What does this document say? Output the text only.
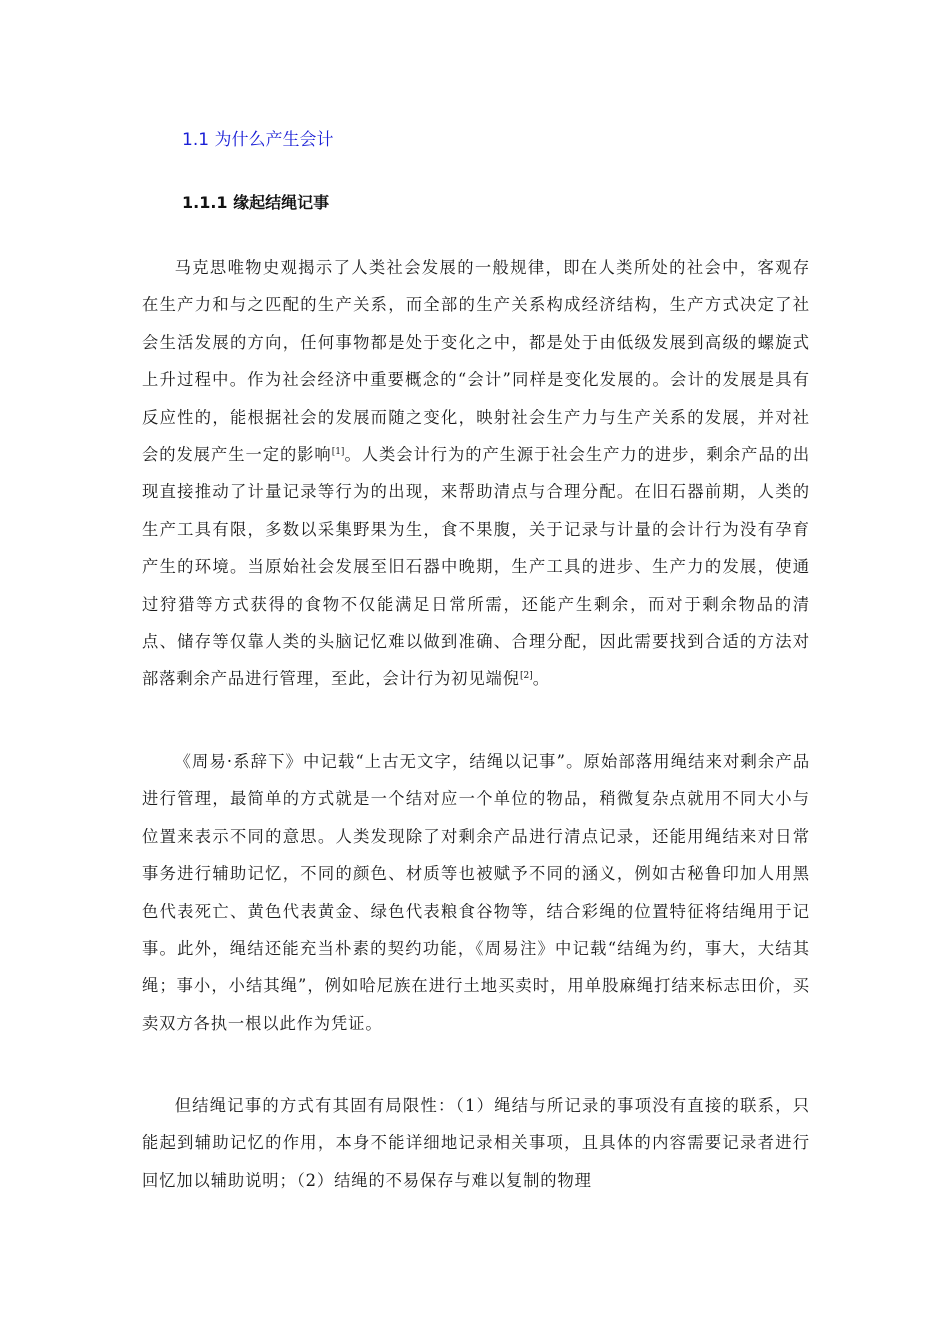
1.1 为什么产生会计
1.1.1 缘起结绳记事

马克思唯物史观揭示了人类社会发展的一般规律，即在人类所处的社会中，客观存在生产力和与之匹配的生产关系，而全部的生产关系构成经济结构，生产方式决定了社会生活发展的方向，任何事物都是处于变化之中，都是处于由低级发展到高级的螺旋式上升过程中。作为社会经济中重要概念的“会计”同样是变化发展的。会计的发展是具有反应性的，能根据社会的发展而随之变化，映射社会生产力与生产关系的发展，并对社会的发展产生一定的影响[1]。人类会计行为的产生源于社会生产力的进步，剩余产品的出现直接推动了计量记录等行为的出现，来帮助清点与合理分配。在旧石器前期，人类的生产工具有限，多数以采集野果为生，食不果腹，关于记录与计量的会计行为没有孕育产生的环境。当原始社会发展至旧石器中晚期，生产工具的进步、生产力的发展，使通过狩猎等方式获得的食物不仅能满足日常所需，还能产生剩余，而对于剩余物品的清点、储存等仅靠人类的头脑记忆难以做到准确、合理分配，因此需要找到合适的方法对部落剩余产品进行管理，至此，会计行为初见端倪[2]。

《周易·系辞下》中记载“上古无文字，结绳以记事”。原始部落用绳结来对剩余产品进行管理，最简单的方式就是一个结对应一个单位的物品，稍微复杂点就用不同大小与位置来表示不同的意思。人类发现除了对剩余产品进行清点记录，还能用绳结来对日常事务进行辅助记忆，不同的颜色、材质等也被赋予不同的涵义，例如古秘鲁印加人用黑色代表死亡、黄色代表黄金、绿色代表粮食谷物等，结合彩绳的位置特征将结绳用于记事。此外，绳结还能充当朴素的契约功能，《周易注》中记载“结绳为约，事大，大结其绳；事小，小结其绳”，例如哈尼族在进行土地买卖时，用单股麻绳打结来标志田价，买卖双方各执一根以此作为凭证。

但结绳记事的方式有其固有局限性：（1）绳结与所记录的事项没有直接的联系，只能起到辅助记忆的作用，本身不能详细地记录相关事项，且具体的内容需要记录者进行回忆加以辅助说明；（2）结绳的不易保存与难以复制的物理
